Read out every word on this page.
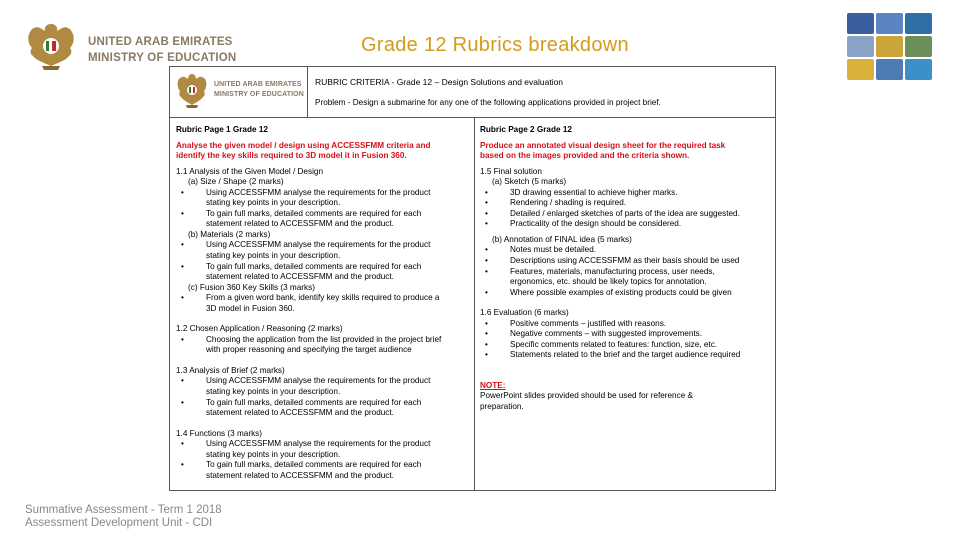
UNITED ARAB EMIRATES
MINISTRY OF EDUCATION
Grade 12 Rubrics breakdown
UNITED ARAB EMIRATES
MINISTRY OF EDUCATION
RUBRIC CRITERIA - Grade 12 – Design Solutions and evaluation
Problem - Design a submarine for any one of the following applications provided in project brief.

Rubric Page 1 Grade 12

Analyse the given model / design using ACCESSFMM criteria and

identify the key skills required to 3D model it in Fusion 360.

1.1 Analysis of the Given Model / Design

(a) Size / Shape (2 marks)

• Using ACCESSFMM analyse the requirements for the product

stating key points in your description.

• To gain full marks, detailed comments are required for each

statement related to ACCESSFMM and the product.

(b) Materials (2 marks)

• Using ACCESSFMM analyse the requirements for the product

stating key points in your description.

• To gain full marks, detailed comments are required for each

statement related to ACCESSFMM and the product.

(c) Fusion 360 Key Skills (3 marks)

• From a given word bank, identify key skills required to produce a

3D model in Fusion 360.

1.2 Chosen Application / Reasoning (2 marks)

• Choosing the application from the list provided in the project brief

with proper reasoning and specifying the target audience

1.3 Analysis of Brief (2 marks)

• Using ACCESSFMM analyse the requirements for the product

stating key points in your description.

• To gain full marks, detailed comments are required for each

statement related to ACCESSFMM and the product.

1.4 Functions (3 marks)

• Using ACCESSFMM analyse the requirements for the product

stating key points in your description.

• To gain full marks, detailed comments are required for each

statement related to ACCESSFMM and the product.

Rubric Page 2 Grade 12

Produce an annotated visual design sheet for the required task

based on the images provided and the criteria shown.

1.5 Final solution

(a) Sketch (5 marks)

• 3D drawing essential to achieve higher marks.

• Rendering / shading is required.

• Detailed / enlarged sketches of parts of the idea are suggested.

• Practicality of the design should be considered.

(b) Annotation of FINAL idea (5 marks)

• Notes must be detailed.

• Descriptions using ACCESSFMM as their basis should be used

• Features, materials, manufacturing process, user needs,

ergonomics, etc. should be likely topics for annotation.

• Where possible examples of existing products could be given

1.6 Evaluation (6 marks)

• Positive comments – justified with reasons.

• Negative comments – with suggested improvements.

• Specific comments related to features: function, size, etc.

• Statements related to the brief and the target audience required

NOTE:

PowerPoint slides provided should be used for reference &

preparation.

Summative Assessment - Term 1 2018
Assessment Development Unit - CDI
